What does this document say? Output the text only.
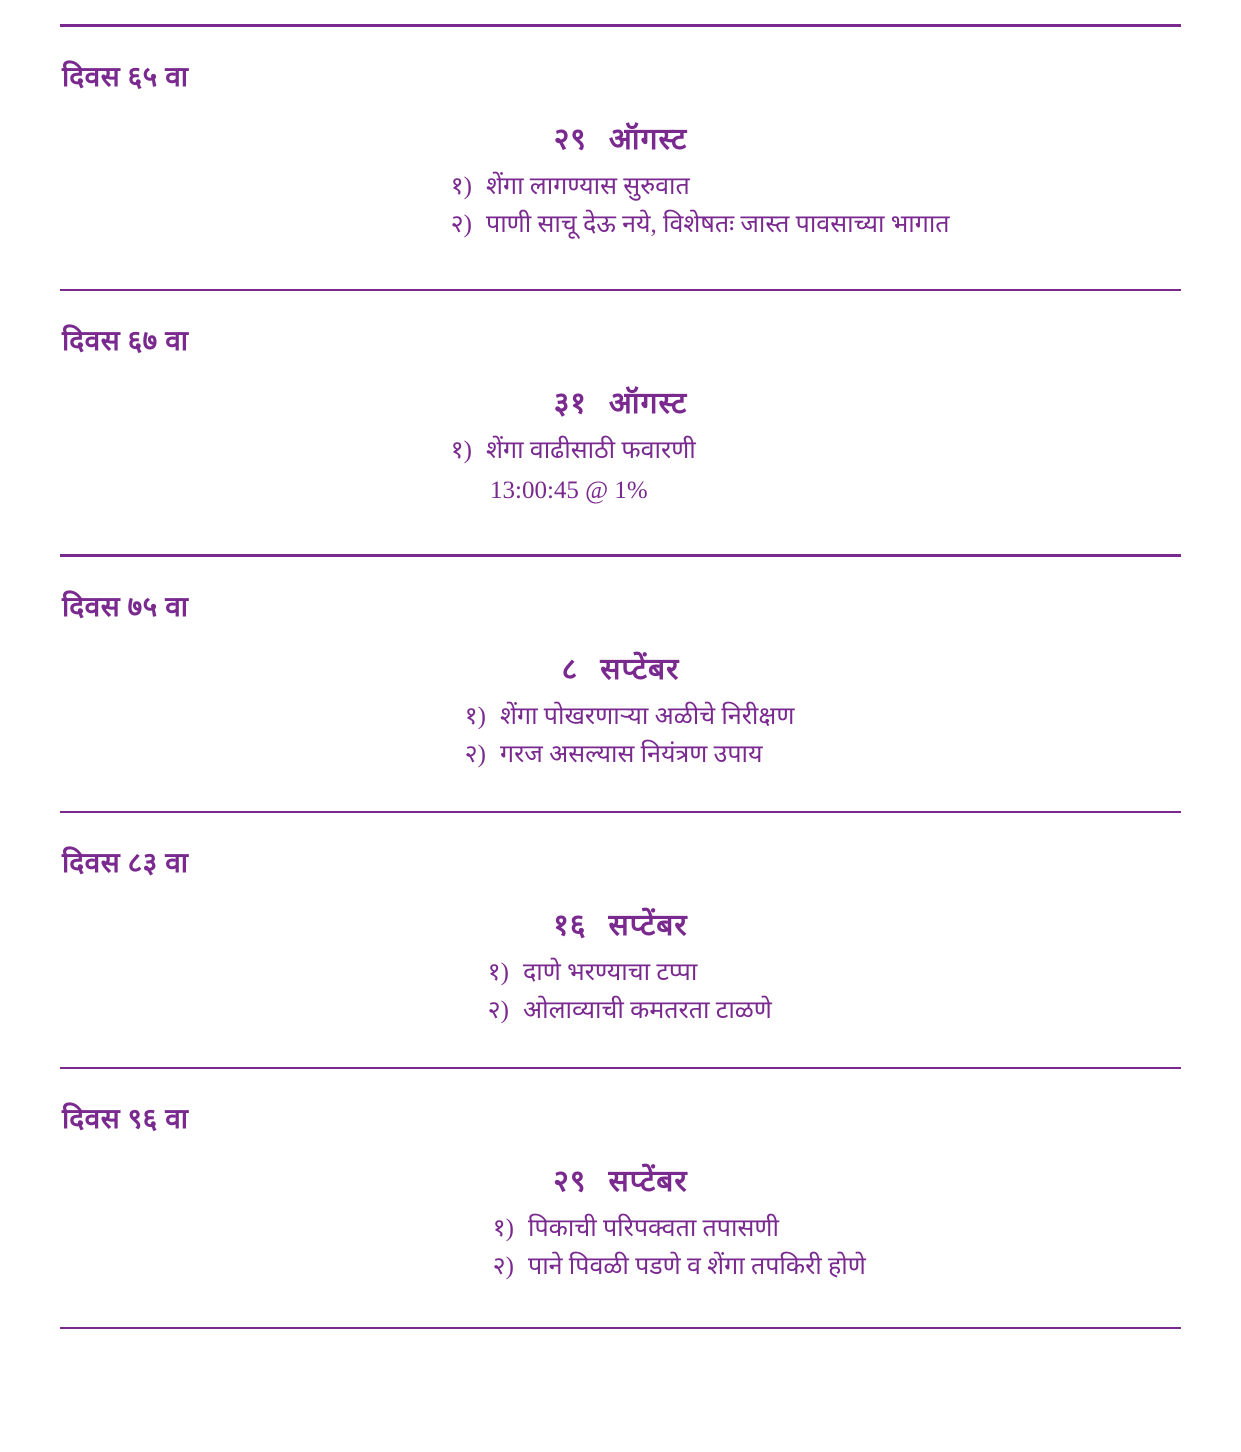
दिवस ६५ वा
२९ ऑगस्ट
१) शेंगा लागण्यास सुरुवात
२) पाणी साचू देऊ नये, विशेषतः जास्त पावसाच्या भागात
दिवस ६७ वा
३१ ऑगस्ट
१) शेंगा वाढीसाठी फवारणी
13:00:45 @ 1%
दिवस ७५ वा
८ सप्टेंबर
१) शेंगा पोखरणाऱ्या अळीचे निरीक्षण
२) गरज असल्यास नियंत्रण उपाय
दिवस ८३ वा
१६ सप्टेंबर
१) दाणे भरण्याचा टप्पा
२) ओलाव्याची कमतरता टाळणे
दिवस ९६ वा
२९ सप्टेंबर
१) पिकाची परिपक्वता तपासणी
२) पाने पिवळी पडणे व शेंगा तपकिरी होणे
